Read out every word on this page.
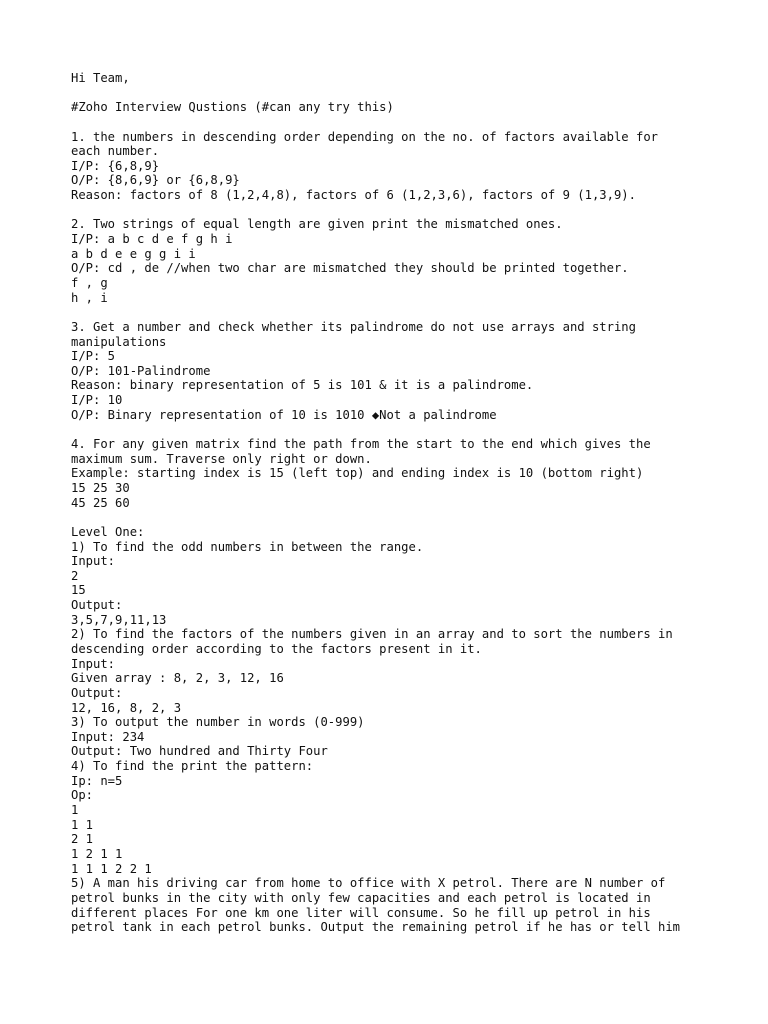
Hi Team,
#Zoho Interview Qustions (#can any try this)
1. the numbers in descending order depending on the no. of factors available for
each number.
I/P: {6,8,9}
O/P: {8,6,9} or {6,8,9}
Reason: factors of 8 (1,2,4,8), factors of 6 (1,2,3,6), factors of 9 (1,3,9).
2. Two strings of equal length are given print the mismatched ones.
I/P: a b c d e f g h i
a b d e e g g i i
O/P: cd , de //when two char are mismatched they should be printed together.
f , g
h , i
3. Get a number and check whether its palindrome do not use arrays and string
manipulations
I/P: 5
O/P: 101-Palindrome
Reason: binary representation of 5 is 101 & it is a palindrome.
I/P: 10
O/P: Binary representation of 10 is 1010 ◆Not a palindrome
4. For any given matrix find the path from the start to the end which gives the
maximum sum. Traverse only right or down.
Example: starting index is 15 (left top) and ending index is 10 (bottom right)
15 25 30
45 25 60
Level One:
1) To find the odd numbers in between the range.
Input:
2
15
Output:
3,5,7,9,11,13
2) To find the factors of the numbers given in an array and to sort the numbers in
descending order according to the factors present in it.
Input:
Given array : 8, 2, 3, 12, 16
Output:
12, 16, 8, 2, 3
3) To output the number in words (0-999)
Input: 234
Output: Two hundred and Thirty Four
4) To find the print the pattern:
Ip: n=5
Op:
1
1 1
2 1
1 2 1 1
1 1 1 2 2 1
5) A man his driving car from home to office with X petrol. There are N number of
petrol bunks in the city with only few capacities and each petrol is located in
different places For one km one liter will consume. So he fill up petrol in his
petrol tank in each petrol bunks. Output the remaining petrol if he has or tell him
